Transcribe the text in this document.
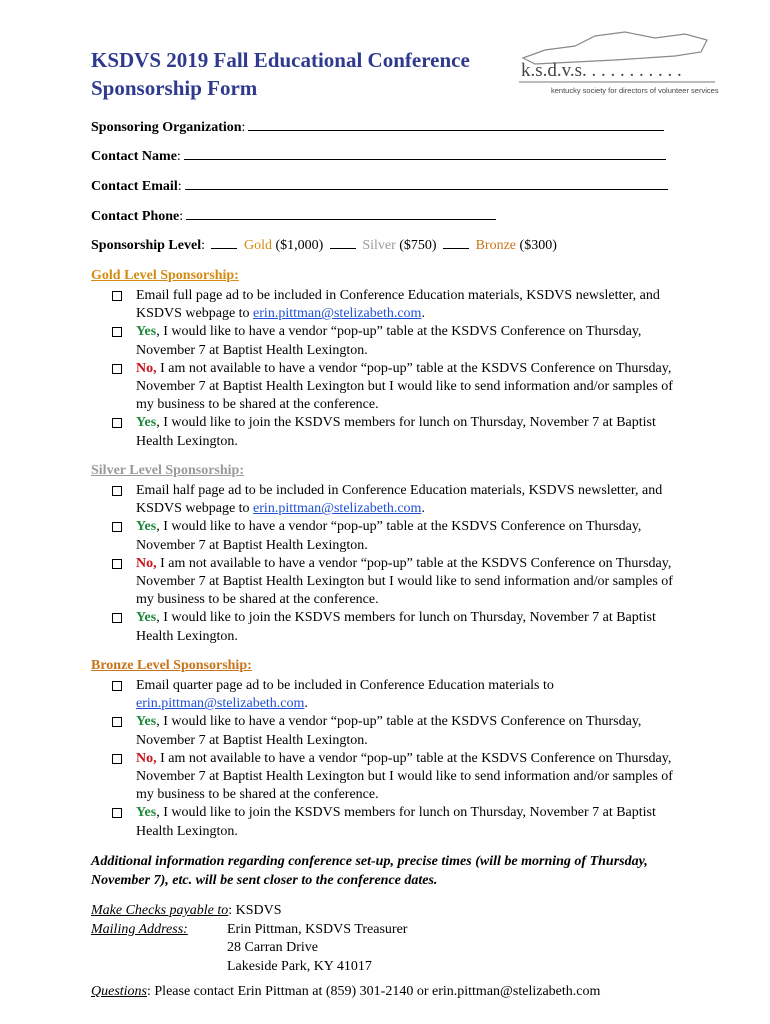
KSDVS 2019 Fall Educational Conference
Sponsorship Form
k.s.d.v.s. . . . . . . . . . .
kentucky society for directors of volunteer services
Sponsoring Organization:
Contact Name:
Contact Email:
Contact Phone:
Sponsorship Level:	Gold ($1,000)	Silver ($750)	Bronze ($300)
Gold Level Sponsorship:
Email full page ad to be included in Conference Education materials, KSDVS newsletter, and KSDVS webpage to erin.pittman@stelizabeth.com.
Yes, I would like to have a vendor “pop-up” table at the KSDVS Conference on Thursday, November 7 at Baptist Health Lexington.
No, I am not available to have a vendor “pop-up” table at the KSDVS Conference on Thursday, November 7 at Baptist Health Lexington but I would like to send information and/or samples of my business to be shared at the conference.
Yes, I would like to join the KSDVS members for lunch on Thursday, November 7 at Baptist Health Lexington.
Silver Level Sponsorship:
Email half page ad to be included in Conference Education materials, KSDVS newsletter, and KSDVS webpage to erin.pittman@stelizabeth.com.
Yes, I would like to have a vendor “pop-up” table at the KSDVS Conference on Thursday, November 7 at Baptist Health Lexington.
No, I am not available to have a vendor “pop-up” table at the KSDVS Conference on Thursday, November 7 at Baptist Health Lexington but I would like to send information and/or samples of my business to be shared at the conference.
Yes, I would like to join the KSDVS members for lunch on Thursday, November 7 at Baptist Health Lexington.
Bronze Level Sponsorship:
Email quarter page ad to be included in Conference Education materials to
erin.pittman@stelizabeth.com.
Yes, I would like to have a vendor “pop-up” table at the KSDVS Conference on Thursday, November 7 at Baptist Health Lexington.
No, I am not available to have a vendor “pop-up” table at the KSDVS Conference on Thursday, November 7 at Baptist Health Lexington but I would like to send information and/or samples of my business to be shared at the conference.
Yes, I would like to join the KSDVS members for lunch on Thursday, November 7 at Baptist Health Lexington.
Additional information regarding conference set-up, precise times (will be morning of Thursday, November 7), etc. will be sent closer to the conference dates.
Make Checks payable to: KSDVS
Mailing Address:	Erin Pittman, KSDVS Treasurer
28 Carran Drive
Lakeside Park, KY 41017
Questions: Please contact Erin Pittman at (859) 301-2140 or erin.pittman@stelizabeth.com
